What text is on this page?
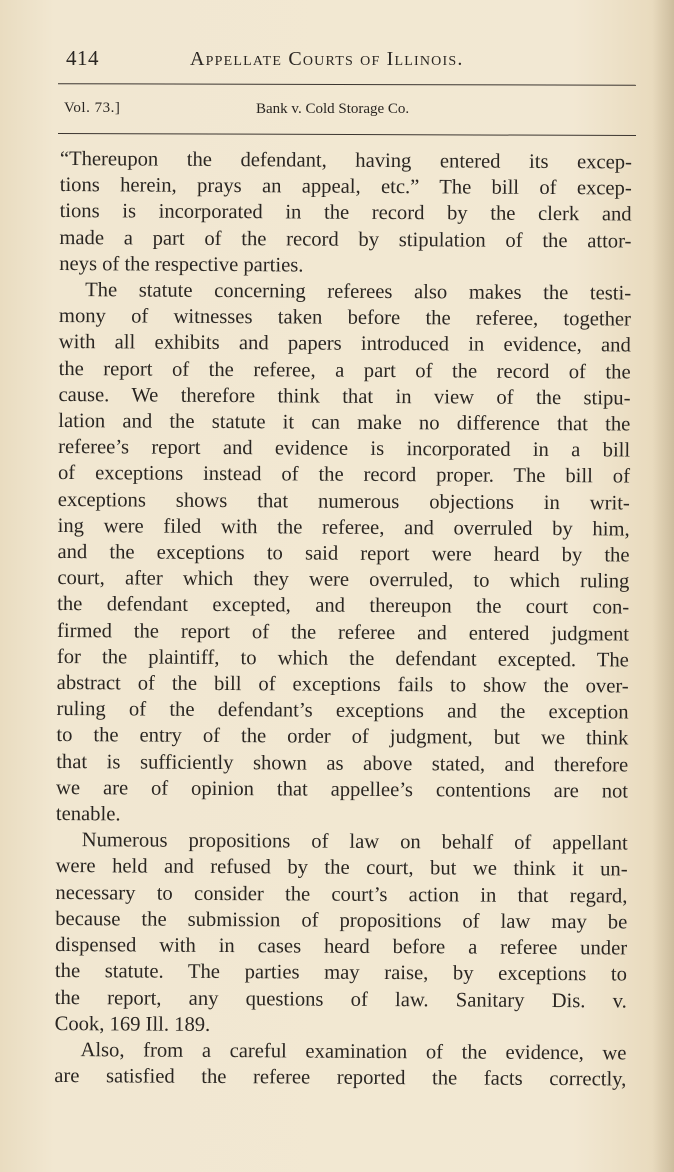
414	Appellate Courts of Illinois.
Vol. 73.]	Bank v. Cold Storage Co.

“Thereupon the defendant, having entered its excep-
tions herein, prays an appeal, etc.” The bill of excep-
tions is incorporated in the record by the clerk and
made a part of the record by stipulation of the attor-
neys of the respective parties.

The statute concerning referees also makes the testi-
mony of witnesses taken before the referee, together
with all exhibits and papers introduced in evidence, and
the report of the referee, a part of the record of the
cause. We therefore think that in view of the stipu-
lation and the statute it can make no difference that the
referee’s report and evidence is incorporated in a bill
of exceptions instead of the record proper. The bill of
exceptions shows that numerous objections in writ-
ing were filed with the referee, and overruled by him,
and the exceptions to said report were heard by the
court, after which they were overruled, to which ruling
the defendant excepted, and thereupon the court con-
firmed the report of the referee and entered judgment
for the plaintiff, to which the defendant excepted. The
abstract of the bill of exceptions fails to show the over-
ruling of the defendant’s exceptions and the exception
to the entry of the order of judgment, but we think
that is sufficiently shown as above stated, and therefore
we are of opinion that appellee’s contentions are not
tenable.

Numerous propositions of law on behalf of appellant
were held and refused by the court, but we think it un-
necessary to consider the court’s action in that regard,
because the submission of propositions of law may be
dispensed with in cases heard before a referee under
the statute. The parties may raise, by exceptions to
the report, any questions of law. Sanitary Dis. v.
Cook, 169 Ill. 189.

Also, from a careful examination of the evidence, we
are satisfied the referee reported the facts correctly,
